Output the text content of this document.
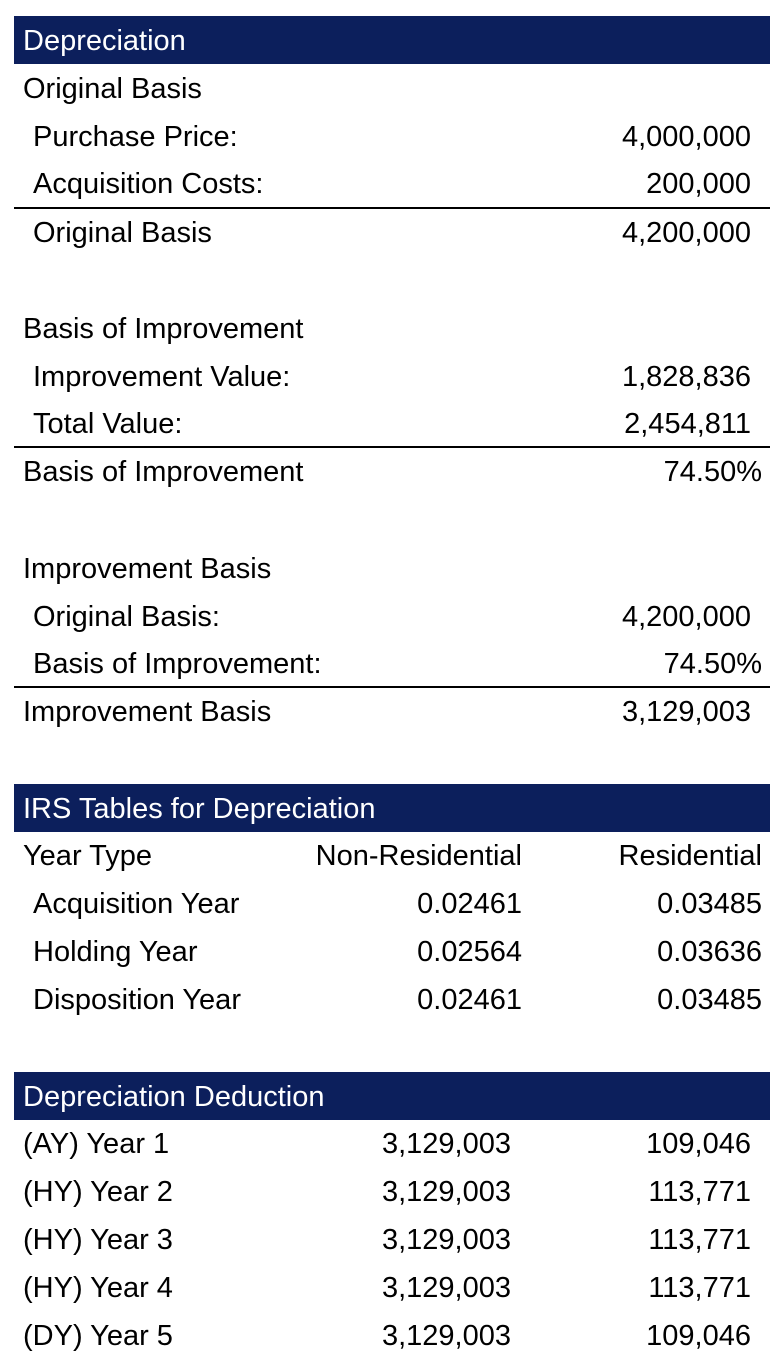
Depreciation
Original Basis
Purchase Price:	4,000,000
Acquisition Costs:	200,000
Original Basis	4,200,000
Basis of Improvement
Improvement Value:	1,828,836
Total Value:	2,454,811
Basis of Improvement	74.50%
Improvement Basis
Original Basis:	4,200,000
Basis of Improvement:	74.50%
Improvement Basis	3,129,003
IRS Tables for Depreciation
Year Type	Non-Residential	Residential
Acquisition Year	0.02461	0.03485
Holding Year	0.02564	0.03636
Disposition Year	0.02461	0.03485
Depreciation Deduction
(AY) Year 1	3,129,003	109,046
(HY) Year 2	3,129,003	113,771
(HY) Year 3	3,129,003	113,771
(HY) Year 4	3,129,003	113,771
(DY) Year 5	3,129,003	109,046
